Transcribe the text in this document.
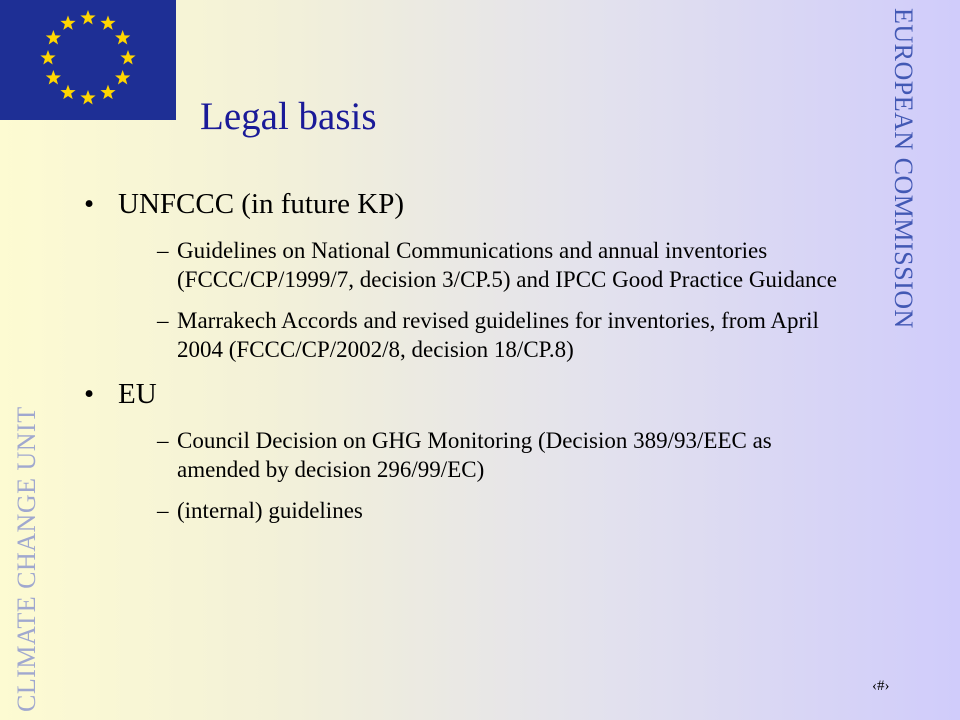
EUROPEAN COMMISSION
CLIMATE CHANGE UNIT
Legal basis
• UNFCCC (in future KP)
– Guidelines on National Communications and annual inventories (FCCC/CP/1999/7, decision 3/CP.5) and IPCC Good Practice Guidance
– Marrakech Accords and revised guidelines for inventories, from April 2004 (FCCC/CP/2002/8, decision 18/CP.8)
• EU
– Council Decision on GHG Monitoring (Decision 389/93/EEC as amended by decision 296/99/EC)
– (internal) guidelines
‹#›
